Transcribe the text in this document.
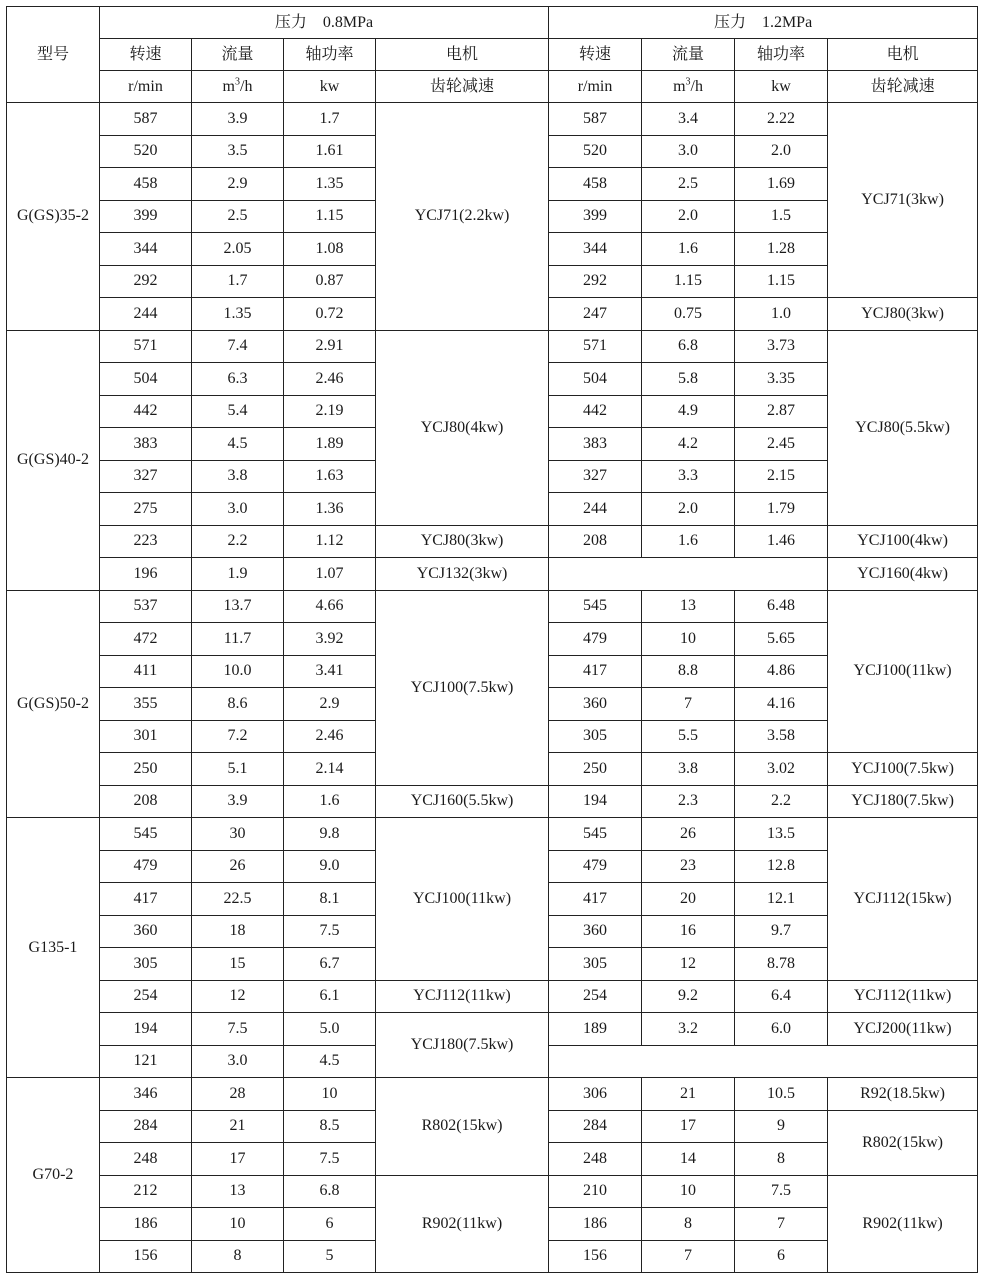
型号	压力　0.8MPa				压力　1.2MPa			
	转速	流量	轴功率	电机	转速	流量	轴功率	电机
	r/min	$m^3/h$	kw	齿轮减速	r/min	$m^3/h$	kw	齿轮减速
G(GS)35-2	587	3.9	1.7	YCJ71(2.2kw)	587	3.4	2.22	YCJ71(3kw)
	520	3.5	1.61		520	3.0	2.0	
	458	2.9	1.35		458	2.5	1.69	
	399	2.5	1.15		399	2.0	1.5	
	344	2.05	1.08		344	1.6	1.28	
	292	1.7	0.87		292	1.15	1.15	
	244	1.35	0.72		247	0.75	1.0	YCJ80(3kw)
G(GS)40-2	571	7.4	2.91	YCJ80(4kw)	571	6.8	3.73	YCJ80(5.5kw)
	504	6.3	2.46		504	5.8	3.35	
	442	5.4	2.19		442	4.9	2.87	
	383	4.5	1.89		383	4.2	2.45	
	327	3.8	1.63		327	3.3	2.15	
	275	3.0	1.36		244	2.0	1.79	
	223	2.2	1.12	YCJ80(3kw)	208	1.6	1.46	YCJ100(4kw)
	196	1.9	1.07	YCJ132(3kw)				YCJ160(4kw)
G(GS)50-2	537	13.7	4.66	YCJ100(7.5kw)	545	13	6.48	YCJ100(11kw)
	472	11.7	3.92		479	10	5.65	
	411	10.0	3.41		417	8.8	4.86	
	355	8.6	2.9		360	7	4.16	
	301	7.2	2.46		305	5.5	3.58	
	250	5.1	2.14		250	3.8	3.02	YCJ100(7.5kw)
	208	3.9	1.6	YCJ160(5.5kw)	194	2.3	2.2	YCJ180(7.5kw)
G135-1	545	30	9.8	YCJ100(11kw)	545	26	13.5	YCJ112(15kw)
	479	26	9.0		479	23	12.8	
	417	22.5	8.1		417	20	12.1	
	360	18	7.5		360	16	9.7	
	305	15	6.7		305	12	8.78	
	254	12	6.1	YCJ112(11kw)	254	9.2	6.4	YCJ112(11kw)
	194	7.5	5.0	YCJ180(7.5kw)	189	3.2	6.0	YCJ200(11kw)
	121	3.0	4.5					
G70-2	346	28	10	R802(15kw)	306	21	10.5	R92(18.5kw)
	284	21	8.5		284	17	9	R802(15kw)
	248	17	7.5		248	14	8	
	212	13	6.8	R902(11kw)	210	10	7.5	R902(11kw)
	186	10	6		186	8	7	
	156	8	5		156	7	6	
